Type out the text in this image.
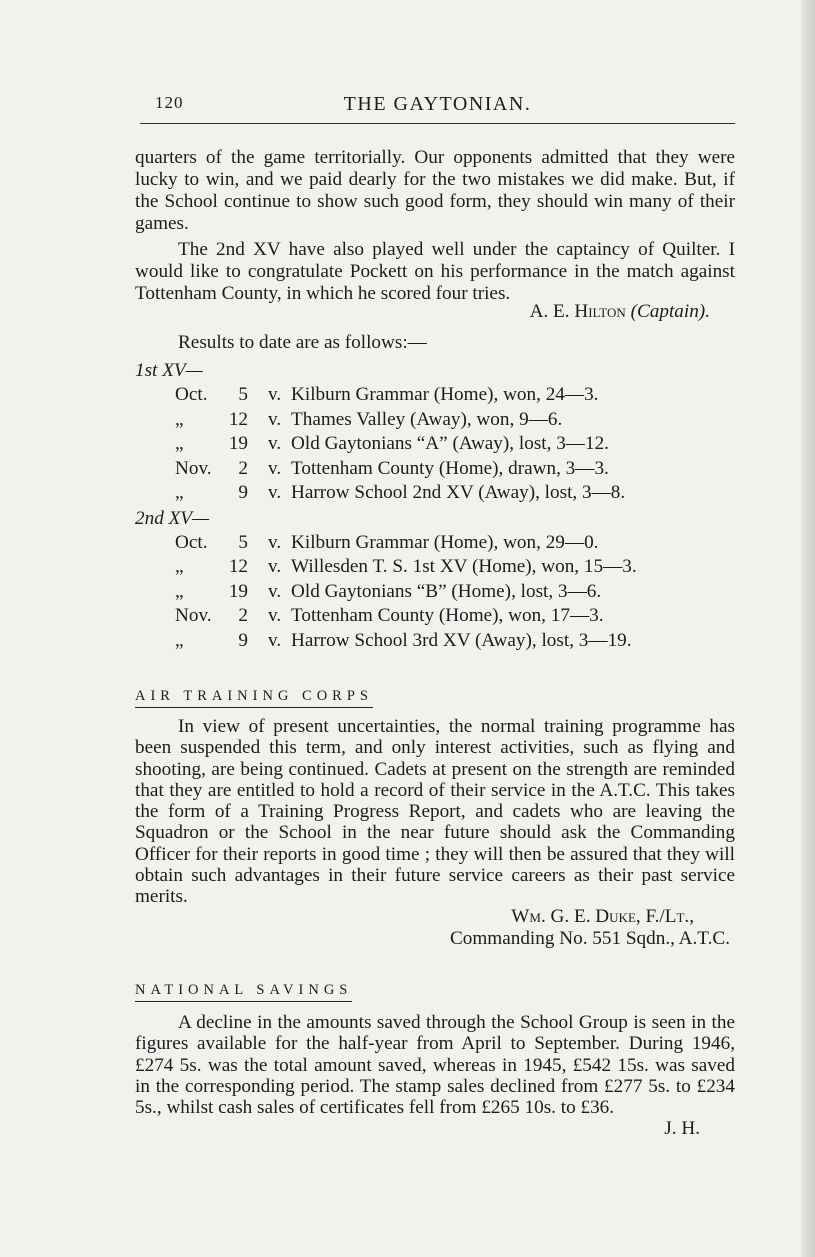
120	THE GAYTONIAN.

quarters of the game territorially. Our opponents admitted that they were lucky to win, and we paid dearly for the two mistakes we did make. But, if the School continue to show such good form, they should win many of their games.

The 2nd XV have also played well under the captaincy of Quilter. I would like to congratulate Pockett on his performance in the match against Tottenham County, in which he scored four tries.

A. E. Hilton (Captain).

Results to date are as follows:—

1st XV—
Oct.	5 v. Kilburn Grammar (Home), won, 24—3.
„	12 v. Thames Valley (Away), won, 9—6.
„	19 v. Old Gaytonians “A” (Away), lost, 3—12.
Nov.	2 v. Tottenham County (Home), drawn, 3—3.
„	9 v. Harrow School 2nd XV (Away), lost, 3—8.
2nd XV—
Oct.	5 v. Kilburn Grammar (Home), won, 29—0.
„	12 v. Willesden T. S. 1st XV (Home), won, 15—3.
„	19 v. Old Gaytonians “B” (Home), lost, 3—6.
Nov.	2 v. Tottenham County (Home), won, 17—3.
„	9 v. Harrow School 3rd XV (Away), lost, 3—19.
AIR TRAINING CORPS

In view of present uncertainties, the normal training programme has been suspended this term, and only interest activities, such as flying and shooting, are being continued. Cadets at present on the strength are reminded that they are entitled to hold a record of their service in the A.T.C. This takes the form of a Training Progress Report, and cadets who are leaving the Squadron or the School in the near future should ask the Commanding Officer for their reports in good time ; they will then be assured that they will obtain such advantages in their future service careers as their past service merits.

Wm. G. E. Duke, F./Lt.,
Commanding No. 551 Sqdn., A.T.C.
NATIONAL SAVINGS

A decline in the amounts saved through the School Group is seen in the figures available for the half-year from April to September. During 1946, £274 5s. was the total amount saved, whereas in 1945, £542 15s. was saved in the corresponding period. The stamp sales declined from £277 5s. to £234 5s., whilst cash sales of certificates fell from £265 10s. to £36.

J. H.
